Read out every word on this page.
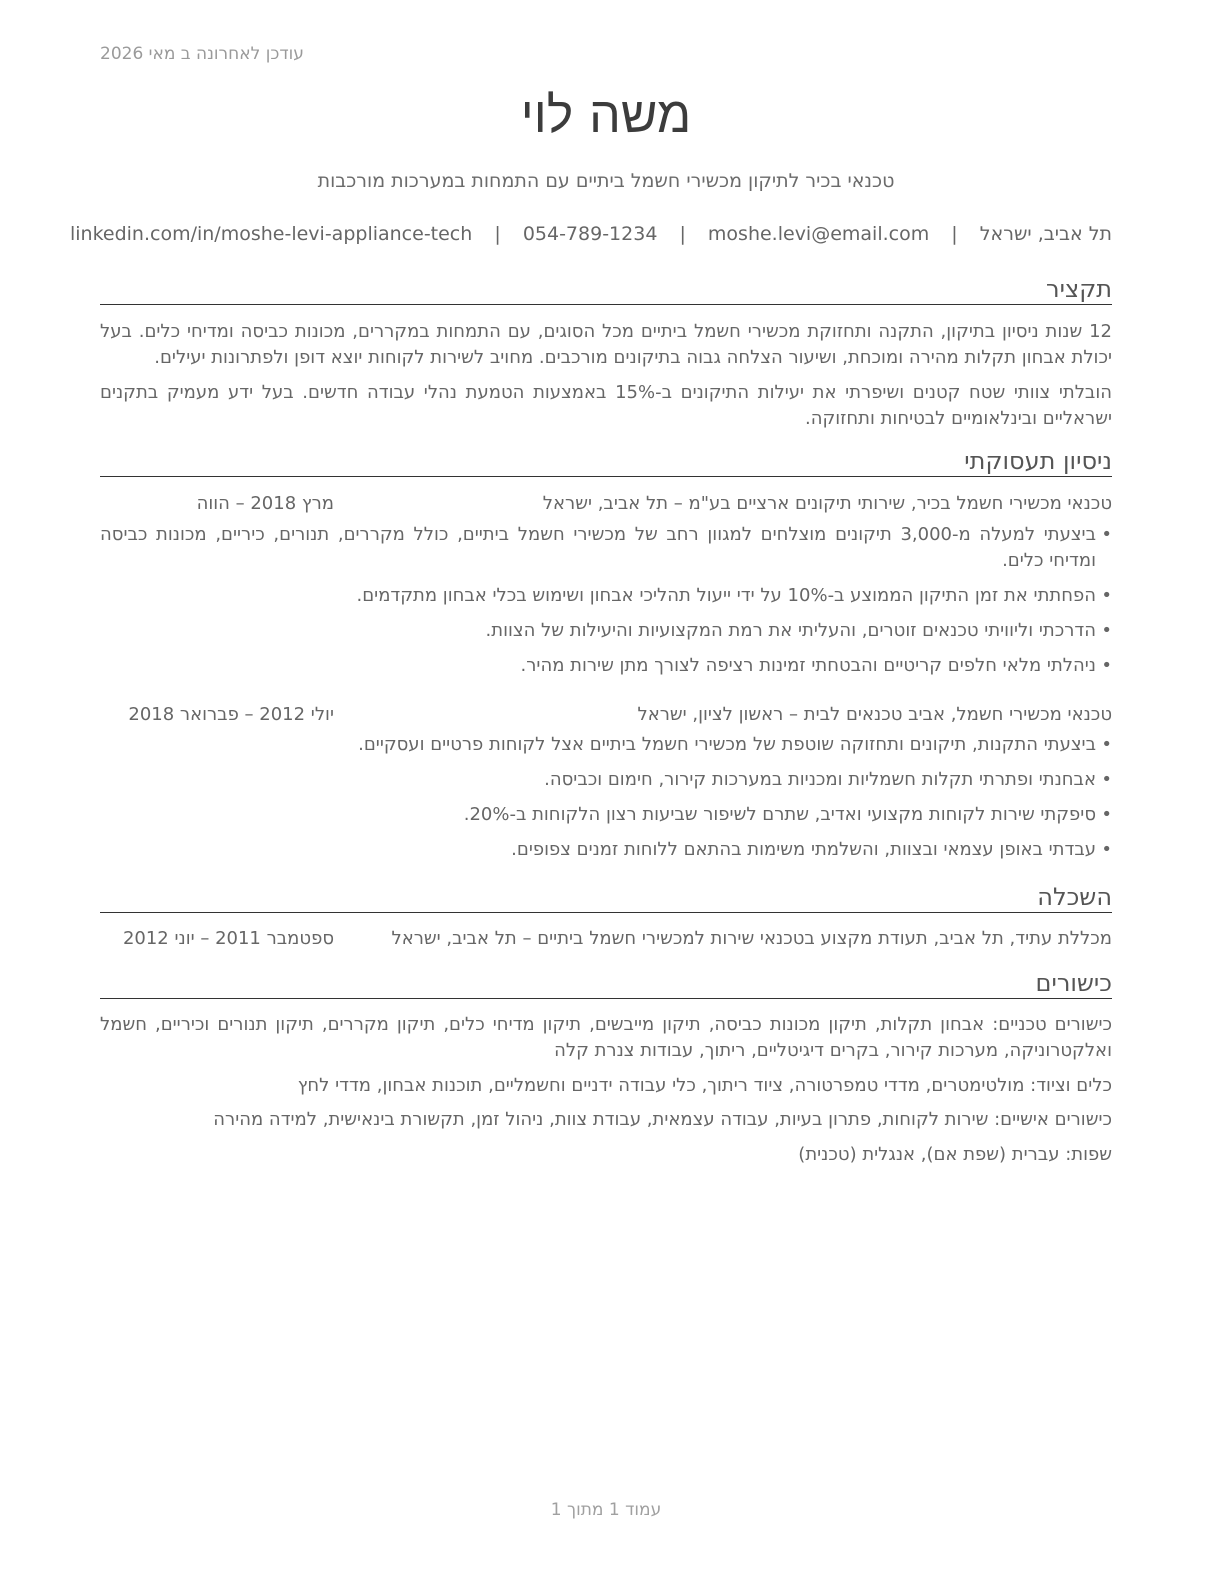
עודכן לאחרונה ב מאי 2026
משה לוי
טכנאי בכיר לתיקון מכשירי חשמל ביתיים עם התמחות במערכות מורכבות
תל אביב, ישראל | moshe.levi@email.com | 054-789-1234 | linkedin.com/in/moshe-levi-appliance-tech
תקציר
12 שנות ניסיון בתיקון, התקנה ותחזוקת מכשירי חשמל ביתיים מכל הסוגים, עם התמחות במקררים, מכונות כביסה ומדיחי כלים. בעל יכולת אבחון תקלות מהירה ומוכחת, ושיעור הצלחה גבוה בתיקונים מורכבים. מחויב לשירות לקוחות יוצא דופן ולפתרונות יעילים.
הובלתי צוותי שטח קטנים ושיפרתי את יעילות התיקונים ב-15% באמצעות הטמעת נהלי עבודה חדשים. בעל ידע מעמיק בתקנים ישראליים ובינלאומיים לבטיחות ותחזוקה.
ניסיון תעסוקתי
טכנאי מכשירי חשמל בכיר, שירותי תיקונים ארציים בע"מ – תל אביב, ישראל
מרץ 2018 – הווה
• ביצעתי למעלה מ-3,000 תיקונים מוצלחים למגוון רחב של מכשירי חשמל ביתיים, כולל מקררים, תנורים, כיריים, מכונות כביסה ומדיחי כלים.
• הפחתתי את זמן התיקון הממוצע ב-10% על ידי ייעול תהליכי אבחון ושימוש בכלי אבחון מתקדמים.
• הדרכתי וליוויתי טכנאים זוטרים, והעליתי את רמת המקצועיות והיעילות של הצוות.
• ניהלתי מלאי חלפים קריטיים והבטחתי זמינות רציפה לצורך מתן שירות מהיר.
טכנאי מכשירי חשמל, אביב טכנאים לבית – ראשון לציון, ישראל
יולי 2012 – פברואר 2018
• ביצעתי התקנות, תיקונים ותחזוקה שוטפת של מכשירי חשמל ביתיים אצל לקוחות פרטיים ועסקיים.
• אבחנתי ופתרתי תקלות חשמליות ומכניות במערכות קירור, חימום וכביסה.
• סיפקתי שירות לקוחות מקצועי ואדיב, שתרם לשיפור שביעות רצון הלקוחות ב-20%.
• עבדתי באופן עצמאי ובצוות, והשלמתי משימות בהתאם ללוחות זמנים צפופים.
השכלה
מכללת עתיד, תל אביב, תעודת מקצוע בטכנאי שירות למכשירי חשמל ביתיים – תל אביב, ישראל
ספטמבר 2011 – יוני 2012
כישורים
כישורים טכניים: אבחון תקלות, תיקון מכונות כביסה, תיקון מייבשים, תיקון מדיחי כלים, תיקון מקררים, תיקון תנורים וכיריים, חשמל ואלקטרוניקה, מערכות קירור, בקרים דיגיטליים, ריתוך, עבודות צנרת קלה
כלים וציוד: מולטימטרים, מדדי טמפרטורה, ציוד ריתוך, כלי עבודה ידניים וחשמליים, תוכנות אבחון, מדדי לחץ
כישורים אישיים: שירות לקוחות, פתרון בעיות, עבודה עצמאית, עבודת צוות, ניהול זמן, תקשורת בינאישית, למידה מהירה
שפות: עברית (שפת אם), אנגלית (טכנית)
עמוד 1 מתוך 1
